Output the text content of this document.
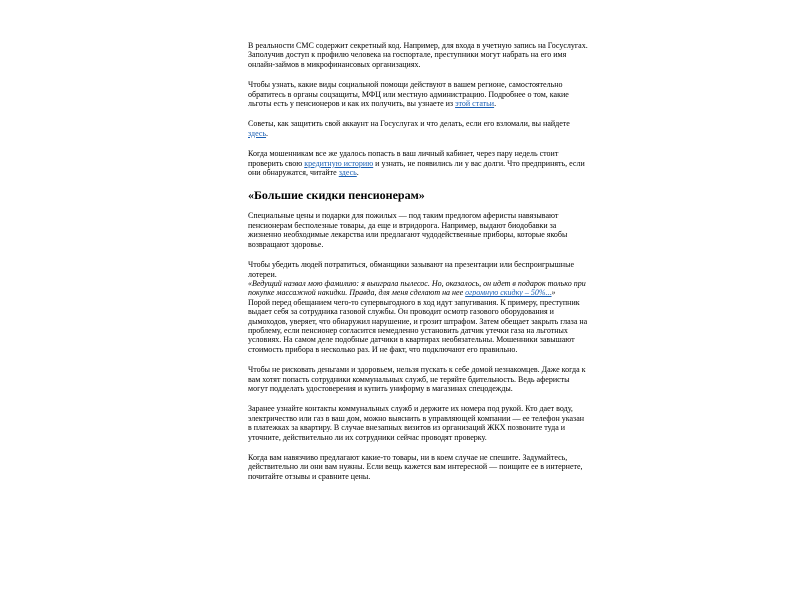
В реальности СМС содержит секретный код. Например, для входа в учетную запись на Госуслугах. Заполучив доступ к профилю человека на госпортале, преступники могут набрать на его имя онлайн-займов в микрофинансовых организациях.

Чтобы узнать, какие виды социальной помощи действуют в вашем регионе, самостоятельно обратитесь в органы соцзащиты, МФЦ или местную администрацию. Подробнее о том, какие льготы есть у пенсионеров и как их получить, вы узнаете из этой статьи.

Советы, как защитить свой аккаунт на Госуслугах и что делать, если его взломали, вы найдете здесь.

Когда мошенникам все же удалось попасть в ваш личный кабинет, через пару недель стоит проверить свою кредитную историю и узнать, не появились ли у вас долги. Что предпринять, если они обнаружатся, читайте здесь.

«Большие скидки пенсионерам»

Специальные цены и подарки для пожилых — под таким предлогом аферисты навязывают пенсионерам бесполезные товары, да еще и втридорога. Например, выдают биодобавки за жизненно необходимые лекарства или предлагают чудодейственные приборы, которые якобы возвращают здоровье.

Чтобы убедить людей потратиться, обманщики зазывают на презентации или беспроигрышные лотереи.

«Ведущий назвал мою фамилию: я выиграла пылесос. Но, оказалось, он идет в подарок только при покупке массажной накидки. Правда, для меня сделают на нее огромную скидку – 50%...»

Порой перед обещанием чего-то супервыгодного в ход идут запугивания. К примеру, преступник выдает себя за сотрудника газовой службы. Он проводит осмотр газового оборудования и дымоходов, уверяет, что обнаружил нарушение, и грозит штрафом. Затем обещает закрыть глаза на проблему, если пенсионер согласится немедленно установить датчик утечки газа на льготных условиях. На самом деле подобные датчики в квартирах необязательны. Мошенники завышают стоимость прибора в несколько раз. И не факт, что подключают его правильно.

Чтобы не рисковать деньгами и здоровьем, нельзя пускать к себе домой незнакомцев. Даже когда к вам хотят попасть сотрудники коммунальных служб, не теряйте бдительность. Ведь аферисты могут подделать удостоверения и купить униформу в магазинах спецодежды.

Заранее узнайте контакты коммунальных служб и держите их номера под рукой. Кто дает воду, электричество или газ в ваш дом, можно выяснить в управляющей компании — ее телефон указан в платежках за квартиру. В случае внезапных визитов из организаций ЖКХ позвоните туда и уточните, действительно ли их сотрудники сейчас проводят проверку.

Когда вам навязчиво предлагают какие-то товары, ни в коем случае не спешите. Задумайтесь, действительно ли они вам нужны. Если вещь кажется вам интересной — поищите ее в интернете, почитайте отзывы и сравните цены.
